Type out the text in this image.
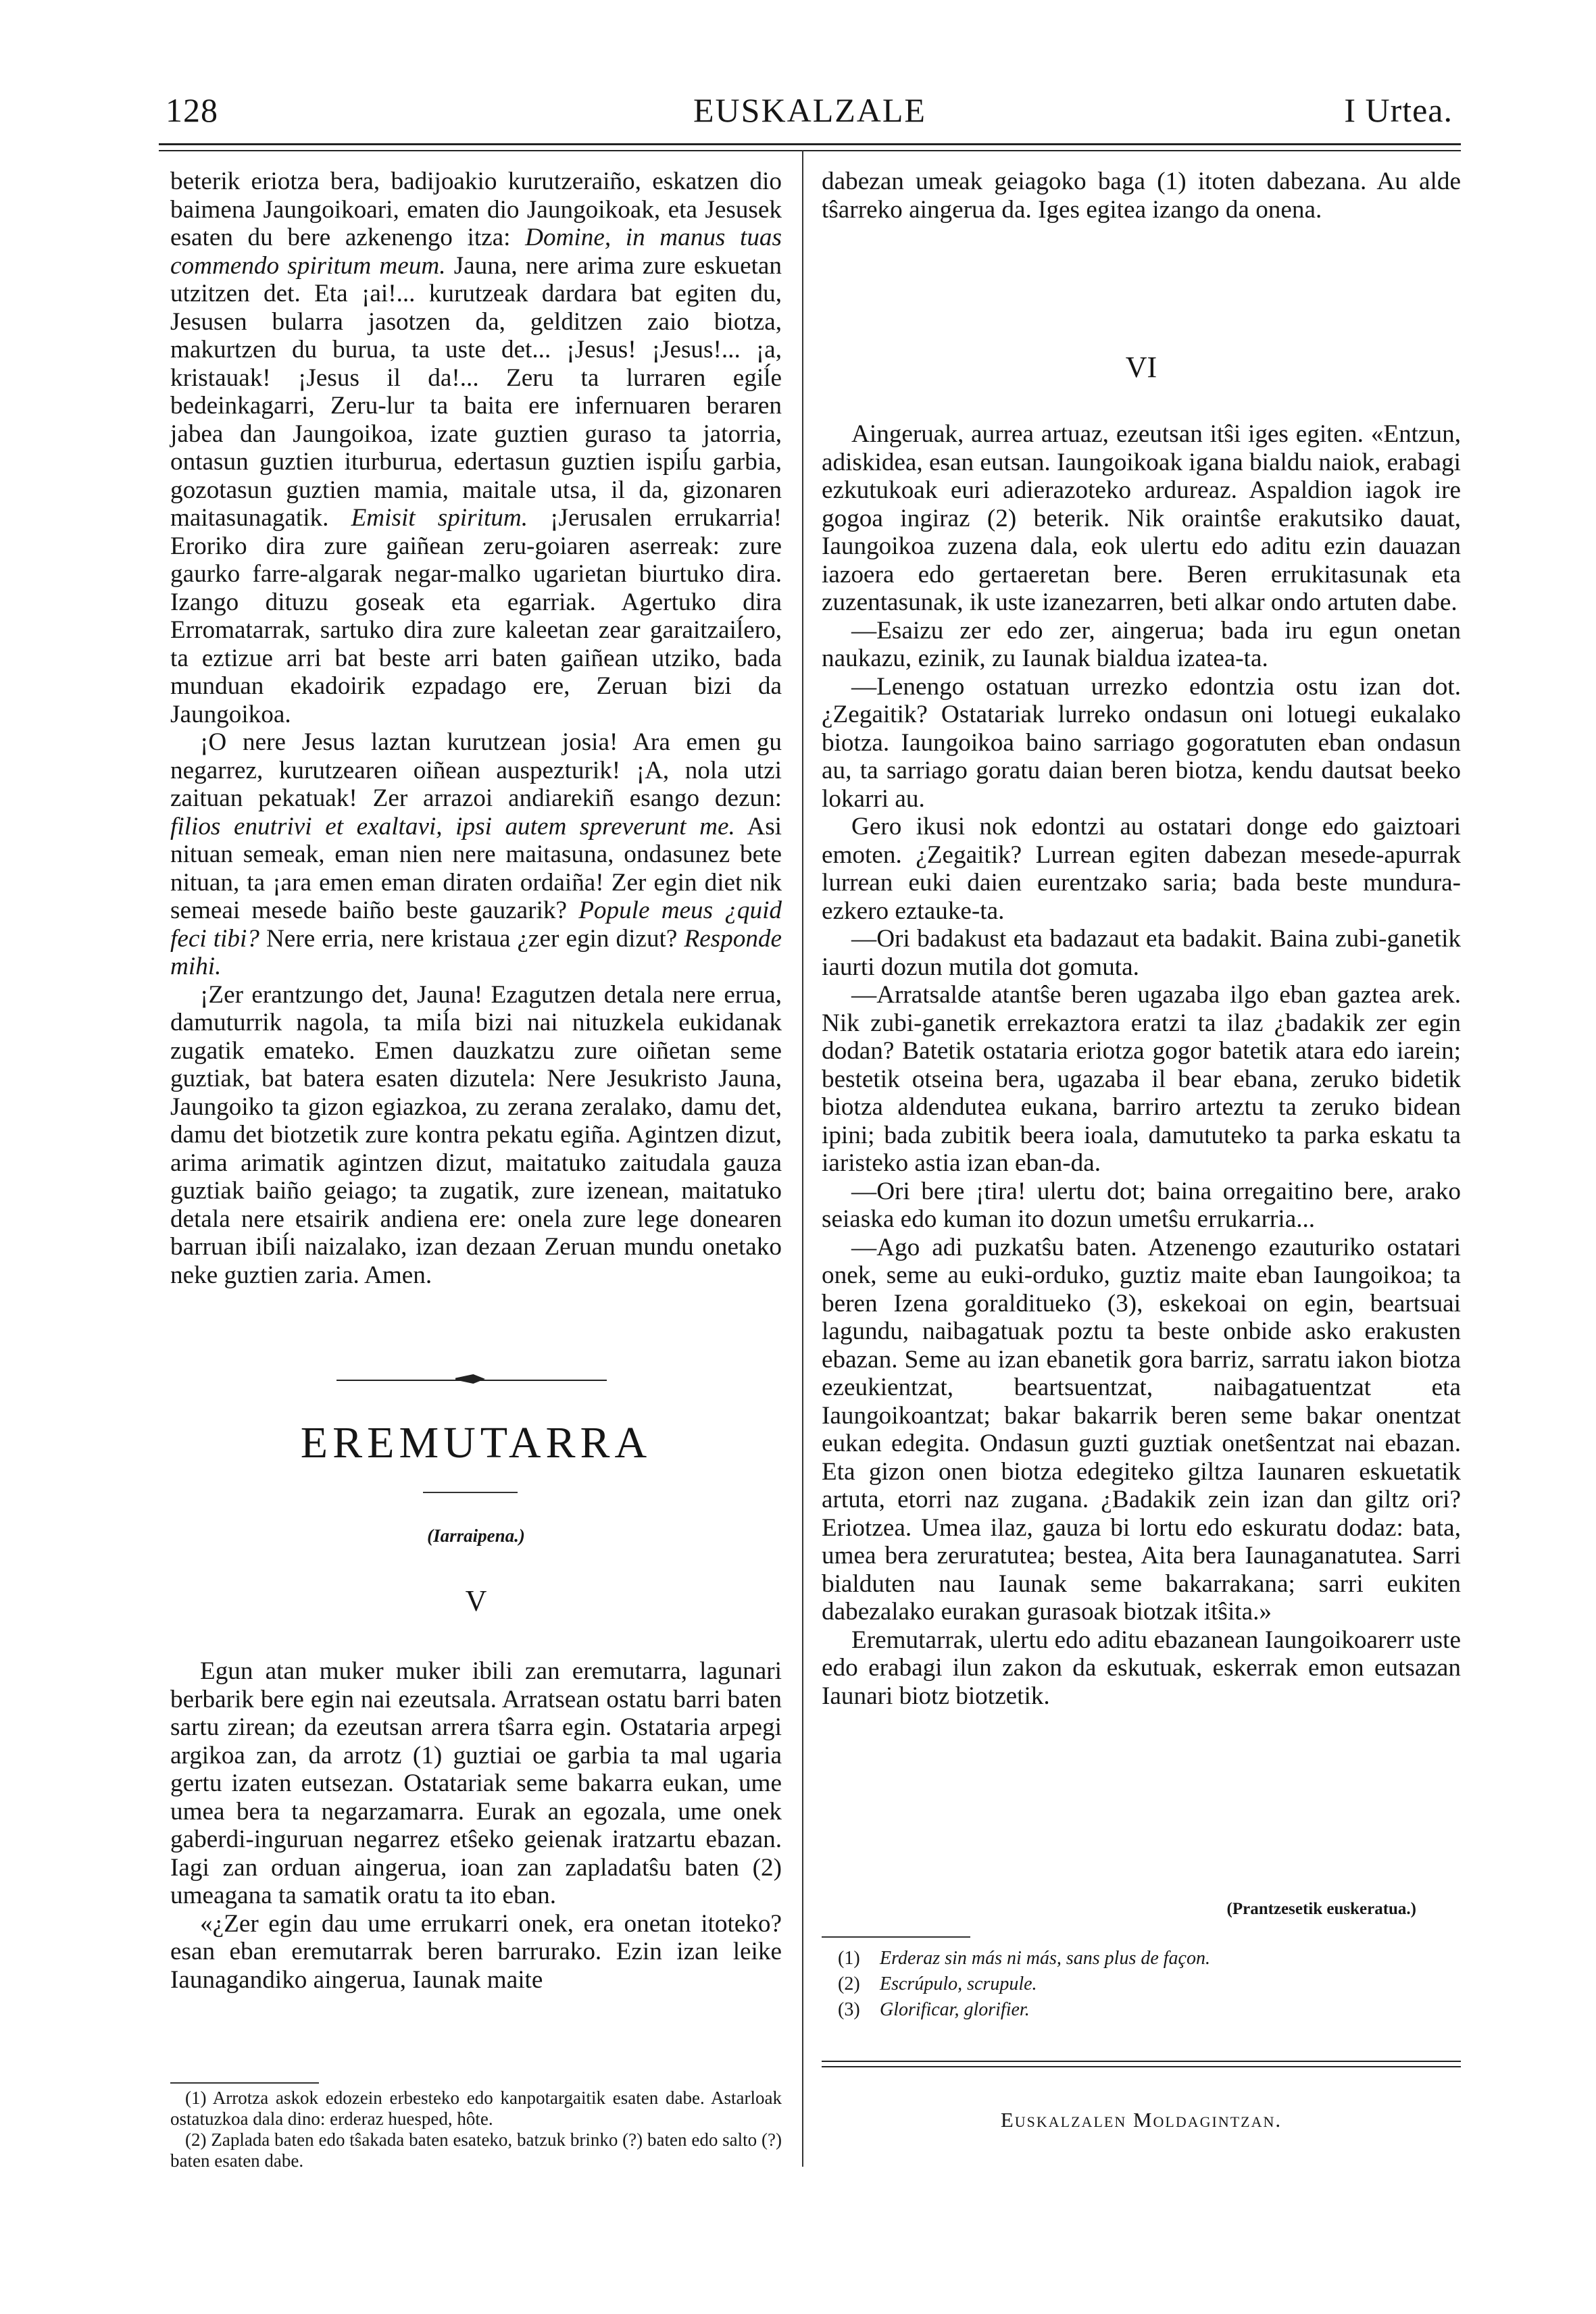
128	EUSKALZALE	I Urtea.

beterik eriotza bera, badijoakio kurutzeraiño, eskatzen dio baimena Jaungoikoari, ematen dio Jaungoikoak, eta Jesusek esaten du bere azkenengo itza: Domine, in manus tuas commendo spiritum meum. Jauna, nere arima zure eskuetan utzitzen det. Eta ¡ai!... kurutzeak dardara bat egiten du, Jesusen bularra jasotzen da, gelditzen zaio biotza, makurtzen du burua, ta uste det... ¡Jesus! ¡Jesus!... ¡a, kristauak! ¡Jesus il da!... Zeru ta lurraren egiĺe bedeinkagarri, Zeru-lur ta baita ere infernuaren beraren jabea dan Jaungoikoa, izate guztien guraso ta jatorria, ontasun guztien iturburua, edertasun guztien ispiĺu garbia, gozotasun guztien mamia, maitale utsa, il da, gizonaren maitasunagatik. Emisit spiritum. ¡Jerusalen errukarria! Eroriko dira zure gaiñean zeru-goiaren aserreak: zure gaurko farre-algarak negar-malko ugarietan biurtuko dira. Izango dituzu goseak eta egarriak. Agertuko dira Erromatarrak, sartuko dira zure kaleetan zear garaitzaiĺero, ta eztizue arri bat beste arri baten gaiñean utziko, bada munduan ekadoirik ezpadago ere, Zeruan bizi da Jaungoikoa.

¡O nere Jesus laztan kurutzean josia! Ara emen gu negarrez, kurutzearen oiñean auspezturik! ¡A, nola utzi zaituan pekatuak! Zer arrazoi andiarekiñ esango dezun: filios enutrivi et exaltavi, ipsi autem spreverunt me. Asi nituan semeak, eman nien nere maitasuna, ondasunez bete nituan, ta ¡ara emen eman diraten ordaiña! Zer egin diet nik semeai mesede baiño beste gauzarik? Popule meus ¿quid feci tibi? Nere erria, nere kristaua ¿zer egin dizut? Responde mihi.

¡Zer erantzungo det, Jauna! Ezagutzen detala nere errua, damuturrik nagola, ta miĺa bizi nai nituzkela eukidanak zugatik emateko. Emen dauzkatzu zure oiñetan seme guztiak, bat batera esaten dizutela: Nere Jesukristo Jauna, Jaungoiko ta gizon egiazkoa, zu zerana zeralako, damu det, damu det biotzetik zure kontra pekatu egiña. Agintzen dizut, arima arimatik agintzen dizut, maitatuko zaitudala gauza guztiak baiño geiago; ta zugatik, zure izenean, maitatuko detala nere etsairik andiena ere: onela zure lege donearen barruan ibiĺi naizalako, izan dezaan Zeruan mundu onetako neke guztien zaria. Amen.

EREMUTARRA
(Iarraipena.)
V

Egun atan muker muker ibili zan eremutarra, lagunari berbarik bere egin nai ezeutsala. Arratsean ostatu barri baten sartu zirean; da ezeutsan arrera tŝarra egin. Ostataria arpegi argikoa zan, da arrotz (1) guztiai oe garbia ta mal ugaria gertu izaten eutsezan. Ostatariak seme bakarra eukan, ume umea bera ta negarzamarra. Eurak an egozala, ume onek gaberdi-inguruan negarrez etŝeko geienak iratzartu ebazan. Iagi zan orduan aingerua, ioan zan zapladatŝu baten (2) umeagana ta samatik oratu ta ito eban.

«¿Zer egin dau ume errukarri onek, era onetan itoteko? esan eban eremutarrak beren barrurako. Ezin izan leike Iaunagandiko aingerua, Iaunak maite

(1) Arrotza askok edozein erbesteko edo kanpotargaitik esaten dabe. Astarloak ostatuzkoa dala dino: erderaz huesped, hôte.

(2) Zaplada baten edo tŝakada baten esateko, batzuk brinko (?) baten edo salto (?) baten esaten dabe.

dabezan umeak geiagoko baga (1) itoten dabezana. Au alde tŝarreko aingerua da. Iges egitea izango da onena.

VI

Aingeruak, aurrea artuaz, ezeutsan itŝi iges egiten. «Entzun, adiskidea, esan eutsan. Iaungoikoak igana bialdu naiok, erabagi ezkutukoak euri adierazoteko ardureaz. Aspaldion iagok ire gogoa ingiraz (2) beterik. Nik oraintŝe erakutsiko dauat, Iaungoikoa zuzena dala, eok ulertu edo aditu ezin dauazan iazoera edo gertaeretan bere. Beren errukitasunak eta zuzentasunak, ik uste izanezarren, beti alkar ondo artuten dabe.

—Esaizu zer edo zer, aingerua; bada iru egun onetan naukazu, ezinik, zu Iaunak bialdua izatea-ta.

—Lenengo ostatuan urrezko edontzia ostu izan dot. ¿Zegaitik? Ostatariak lurreko ondasun oni lotuegi eukalako biotza. Iaungoikoa baino sarriago gogoratuten eban ondasun au, ta sarriago goratu daian beren biotza, kendu dautsat beeko lokarri au.

Gero ikusi nok edontzi au ostatari donge edo gaiztoari emoten. ¿Zegaitik? Lurrean egiten dabezan mesede-apurrak lurrean euki daien eurentzako saria; bada beste mundura-ezkero eztauke-ta.

—Ori badakust eta badazaut eta badakit. Baina zubi-ganetik iaurti dozun mutila dot gomuta.

—Arratsalde atantŝe beren ugazaba ilgo eban gaztea arek. Nik zubi-ganetik errekaztora eratzi ta ilaz ¿badakik zer egin dodan? Batetik ostataria eriotza gogor batetik atara edo iarein; bestetik otseina bera, ugazaba il bear ebana, zeruko bidetik biotza aldendutea eukana, barriro arteztu ta zeruko bidean ipini; bada zubitik beera ioala, damututeko ta parka eskatu ta iaristeko astia izan eban-da.

—Ori bere ¡tira! ulertu dot; baina orregaitino bere, arako seiaska edo kuman ito dozun umetŝu errukarria...

—Ago adi puzkatŝu baten. Atzenengo ezauturiko ostatari onek, seme au euki-orduko, guztiz maite eban Iaungoikoa; ta beren Izena goralditueko (3), eskekoai on egin, beartsuai lagundu, naibagatuak poztu ta beste onbide asko erakusten ebazan. Seme au izan ebanetik gora barriz, sarratu iakon biotza ezeukientzat, beartsuentzat, naibagatuentzat eta Iaungoikoantzat; bakar bakarrik beren seme bakar onentzat eukan edegita. Ondasun guzti guztiak onetŝentzat nai ebazan. Eta gizon onen biotza edegiteko giltza Iaunaren eskuetatik artuta, etorri naz zugana. ¿Badakik zein izan dan giltz ori? Eriotzea. Umea ilaz, gauza bi lortu edo eskuratu dodaz: bata, umea bera zeruratutea; bestea, Aita bera Iaunaganatutea. Sarri bialduten nau Iaunak seme bakarrakana; sarri eukiten dabezalako eurakan gurasoak biotzak itŝita.»

Eremutarrak, ulertu edo aditu ebazanean Iaungoikoarerr uste edo erabagi ilun zakon da eskutuak, eskerrak emon eutsazan Iaunari biotz biotzetik.

(Prantzesetik euskeratua.)

(1) Erderaz sin más ni más, sans plus de façon.

(2) Escrúpulo, scrupule.

(3) Glorificar, glorifier.

Euskalzalen Moldagintzan.
